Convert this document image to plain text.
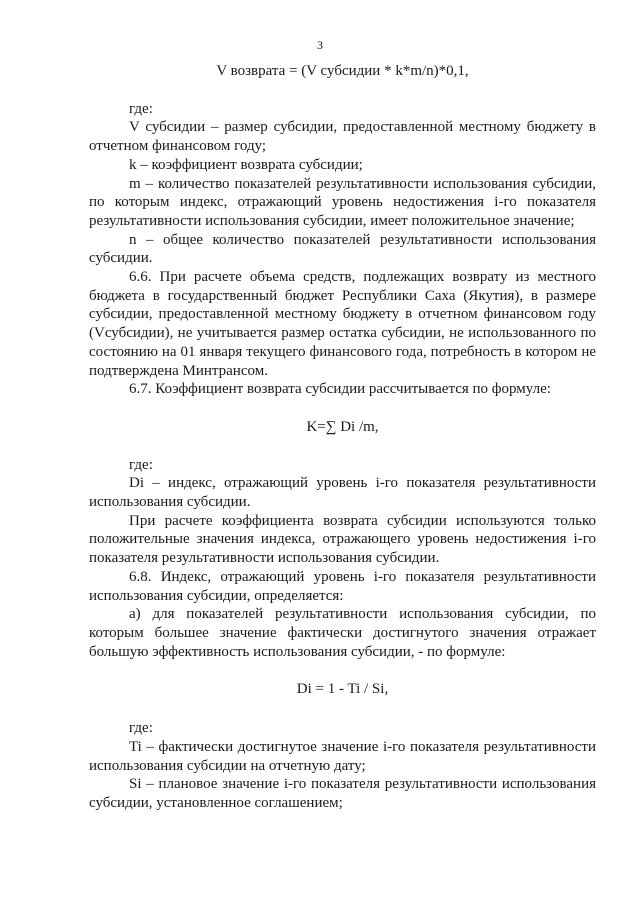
3

V возврата = (V субсидии * k*m/n)*0,1,

где:

V субсидии – размер субсидии, предоставленной местному бюджету в отчетном финансовом году;

k – коэффициент возврата субсидии;

m – количество показателей результативности использования субсидии, по которым индекс, отражающий уровень недостижения i-го показателя результативности использования субсидии, имеет положительное значение;

n – общее количество показателей результативности использования субсидии.

6.6. При расчете объема средств, подлежащих возврату из местного бюджета в государственный бюджет Республики Саха (Якутия), в размере субсидии, предоставленной местному бюджету в отчетном финансовом году (Vсубсидии), не учитывается размер остатка субсидии, не использованного по состоянию на 01 января текущего финансового года, потребность в котором не подтверждена Минтрансом.

6.7. Коэффициент возврата субсидии рассчитывается по формуле:

K=∑ Di /m,

где:

Di – индекс, отражающий уровень i-го показателя результативности использования субсидии.

При расчете коэффициента возврата субсидии используются только положительные значения индекса, отражающего уровень недостижения i-го показателя результативности использования субсидии.

6.8. Индекс, отражающий уровень i-го показателя результативности использования субсидии, определяется:

а) для показателей результативности использования субсидии, по которым большее значение фактически достигнутого значения отражает большую эффективность использования субсидии, - по формуле:

Di = 1 - Ti / Si,

где:

Ti – фактически достигнутое значение i-го показателя результативности использования субсидии на отчетную дату;

Si – плановое значение i-го показателя результативности использования субсидии, установленное соглашением;
